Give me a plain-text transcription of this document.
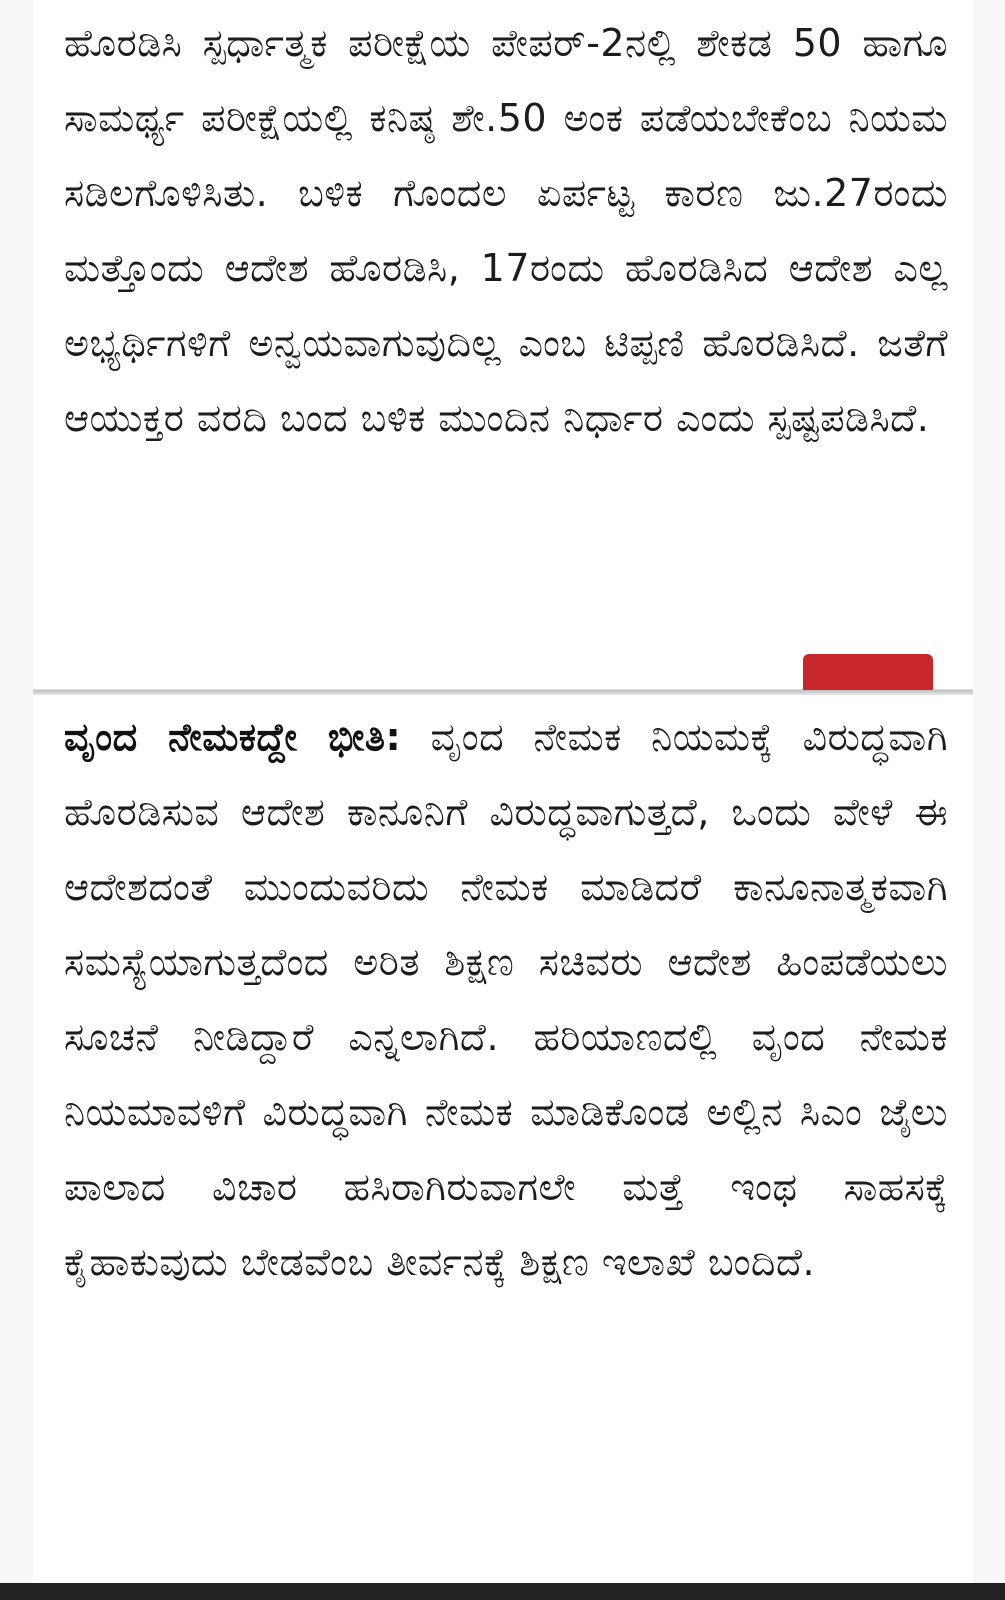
ಹೊರಡಿಸಿ ಸ್ಪರ್ಧಾತ್ಮಕ ಪರೀಕ್ಷೆಯ ಪೇಪರ್-2ನಲ್ಲಿ ಶೇಕಡ 50 ಹಾಗೂ ಸಾಮರ್ಥ್ಯ ಪರೀಕ್ಷೆಯಲ್ಲಿ ಕನಿಷ್ಠ ಶೇ.50 ಅಂಕ ಪಡೆಯಬೇಕೆಂಬ ನಿಯಮ ಸಡಿಲಗೊಳಿಸಿತು. ಬಳಿಕ ಗೊಂದಲ ಏರ್ಪಟ್ಟ ಕಾರಣ ಜು.27ರಂದು ಮತ್ತೊಂದು ಆದೇಶ ಹೊರಡಿಸಿ, 17ರಂದು ಹೊರಡಿಸಿದ ಆದೇಶ ಎಲ್ಲ ಅಭ್ಯರ್ಥಿಗಳಿಗೆ ಅನ್ವಯವಾಗುವುದಿಲ್ಲ ಎಂಬ ಟಿಪ್ಪಣಿ ಹೊರಡಿಸಿದೆ. ಜತೆಗೆ ಆಯುಕ್ತರ ವರದಿ ಬಂದ ಬಳಿಕ ಮುಂದಿನ ನಿರ್ಧಾರ ಎಂದು ಸ್ಪಷ್ಟಪಡಿಸಿದೆ.

ವೃಂದ ನೇಮಕದ್ದೇ ಭೀತಿ: ವೃಂದ ನೇಮಕ ನಿಯಮಕ್ಕೆ ವಿರುದ್ಧವಾಗಿ ಹೊರಡಿಸುವ ಆದೇಶ ಕಾನೂನಿಗೆ ವಿರುದ್ಧವಾಗುತ್ತದೆ, ಒಂದು ವೇಳೆ ಈ ಆದೇಶದಂತೆ ಮುಂದುವರಿದು ನೇಮಕ ಮಾಡಿದರೆ ಕಾನೂನಾತ್ಮಕವಾಗಿ ಸಮಸ್ಯೆಯಾಗುತ್ತದೆಂದ ಅರಿತ ಶಿಕ್ಷಣ ಸಚಿವರು ಆದೇಶ ಹಿಂಪಡೆಯಲು ಸೂಚನೆ ನೀಡಿದ್ದಾರೆ ಎನ್ನಲಾಗಿದೆ. ಹರಿಯಾಣದಲ್ಲಿ ವೃಂದ ನೇಮಕ ನಿಯಮಾವಳಿಗೆ ವಿರುದ್ಧವಾಗಿ ನೇಮಕ ಮಾಡಿಕೊಂಡ ಅಲ್ಲಿನ ಸಿಎಂ ಜೈಲು ಪಾಲಾದ ವಿಚಾರ ಹಸಿರಾಗಿರುವಾಗಲೇ ಮತ್ತೆ ಇಂಥ ಸಾಹಸಕ್ಕೆ ಕೈಹಾಕುವುದು ಬೇಡವೆಂಬ ತೀರ್ವನಕ್ಕೆ ಶಿಕ್ಷಣ ಇಲಾಖೆ ಬಂದಿದೆ.
